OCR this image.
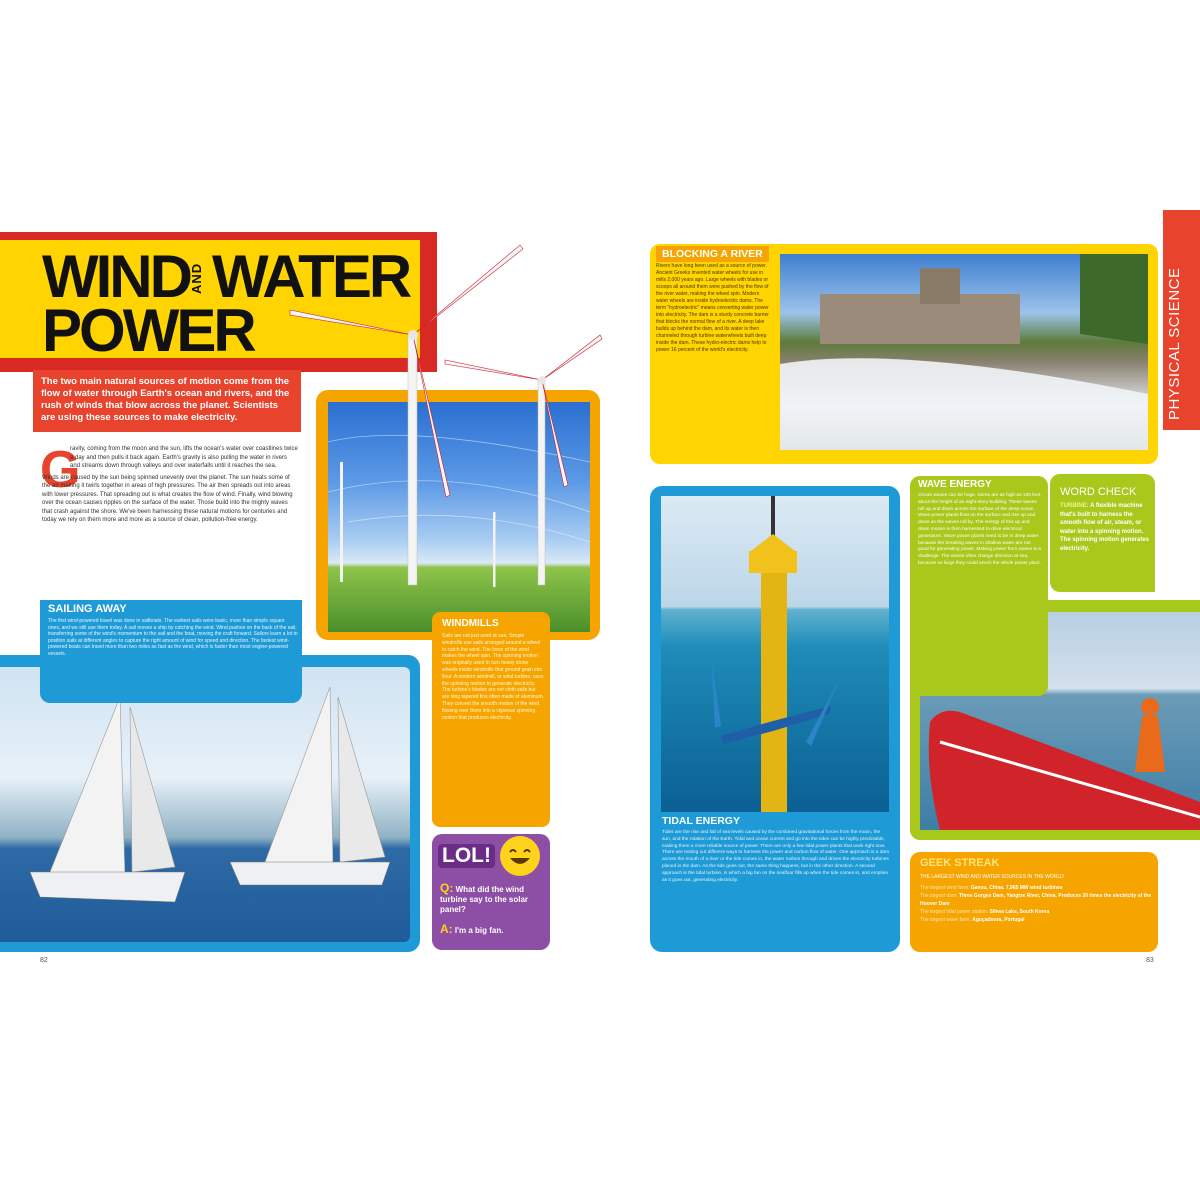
WIND WATER
AND
POWER
The two main natural sources of motion come from the flow of water through Earth's ocean and rivers, and the rush of winds that blow across the planet. Scientists are using these sources to make electricity.
G

ravity, coming from the moon and the sun, lifts the ocean's water over coastlines twice a day and then pulls it back again. Earth's gravity is also pulling the water in rivers and streams down through valleys and over waterfalls until it reaches the sea.

Winds are caused by the sun being spinned unevenly over the planet. The sun heats some of the air making it twirls together in areas of high pressures. The air then spreads out into areas with lower pressures. That spreading out is what creates the flow of wind. Finally, wind blowing over the ocean causes ripples on the surface of the water. Those build into the mighty waves that crash against the shore. We've been harnessing these natural motions for centuries and today we rely on them more and more as a source of clean, pollution-free energy.

SAILING AWAY
The first wind-powered travel was done in sailboats. The earliest sails were basic, more than simple square ones, and we still use them today. A sail moves a ship by catching the wind. Wind pushes on the back of the sail, transferring some of the wind's momentum to the sail and the boat, moving the craft forward. Sailors learn a lot to position sails at different angles to capture the right amount of wind for speed and direction. The fastest wind-powered boats can travel more than two miles as fast as the wind, which is faster than most engine-powered vessels.
WINDMILLS
Sails are not just used at sea. Simple windmills use sails arranged around a wheel to catch the wind. The force of the wind makes the wheel spin. The spinning motion was originally used to turn heavy stone wheels inside windmills that ground grain into flour. A modern windmill, or wind turbine, uses the spinning motion to generate electricity. The turbine's blades are not cloth sails but are long tapered fins often made of aluminum. They convert the smooth motion of the wind flowing over them into a vigorous spinning motion that produces electricity.
LOL!
Q: What did the wind turbine say to the solar panel?
A: I'm a big fan.
82
BLOCKING A RIVER
Rivers have long been used as a source of power. Ancient Greeks invented water wheels for use in mills 2,000 years ago. Large wheels with blades or scoops all around them were pushed by the flow of the river water, making the wheel spin. Modern water wheels are inside hydroelectric dams. The term "hydroelectric" means converting water power into electricity. The dam is a sturdy concrete barrier that blocks the normal flow of a river. A deep lake builds up behind the dam, and its water is then channeled through turbine waterwheels built deep inside the dam. These hydro-electric dams help to power 16 percent of the world's electricity.	PHYSICAL SCIENCE
TIDAL ENERGY
Tides are the rise and fall of sea levels caused by the combined gravitational forces from the moon, the sun, and the rotation of the Earth. Tidal and ocean current and go into the tides can be highly predictable, making them a more reliable source of power. There are only a few tidal power plants that work right now. There are testing out different ways to harness the power and carbon flow of water. One approach is a dam across the mouth of a river or the tide comes in, the water rushes through and drives the electricity turbines placed in the dam. As the tide goes out, the same thing happens, but in the other direction. A second approach is the tidal turbine, in which a big fan on the seafloor fills up when the tide comes in, and empties as it goes out, generating electricity.
WAVE ENERGY
Ocean waves can be huge. Some are as high as 100 feet, about the height of an eight-story building. These waves roll up and down across the surface of the deep ocean. Wave power plants float on the surface and rise up and down as the waves roll by. The energy of this up and down motion is then harnessed to drive electrical generators. Wave power plants need to be in deep water because the breaking waves in shallow water are not good for generating power. Making power from waves is a challenge. The waves often change direction at sea, because so large they could wreck the whole power plant.
WORD CHECK
TURBINE: A flexible machine that's built to harness the smooth flow of air, steam, or water into a spinning motion. The spinning motion generates electricity.
GEEK STREAK
THE LARGEST WIND AND WATER SOURCES IN THE WORLD
The largest wind farm: Gansu, China. 7,965 MW wind turbines
The largest dam: Three Gorges Dam, Yangtze River, China. Produces 20 times the electricity of the Hoover Dam
The largest tidal power station: Sihwa Lake, South Korea
The largest wave farm: Aguçadoura, Portugal
83
